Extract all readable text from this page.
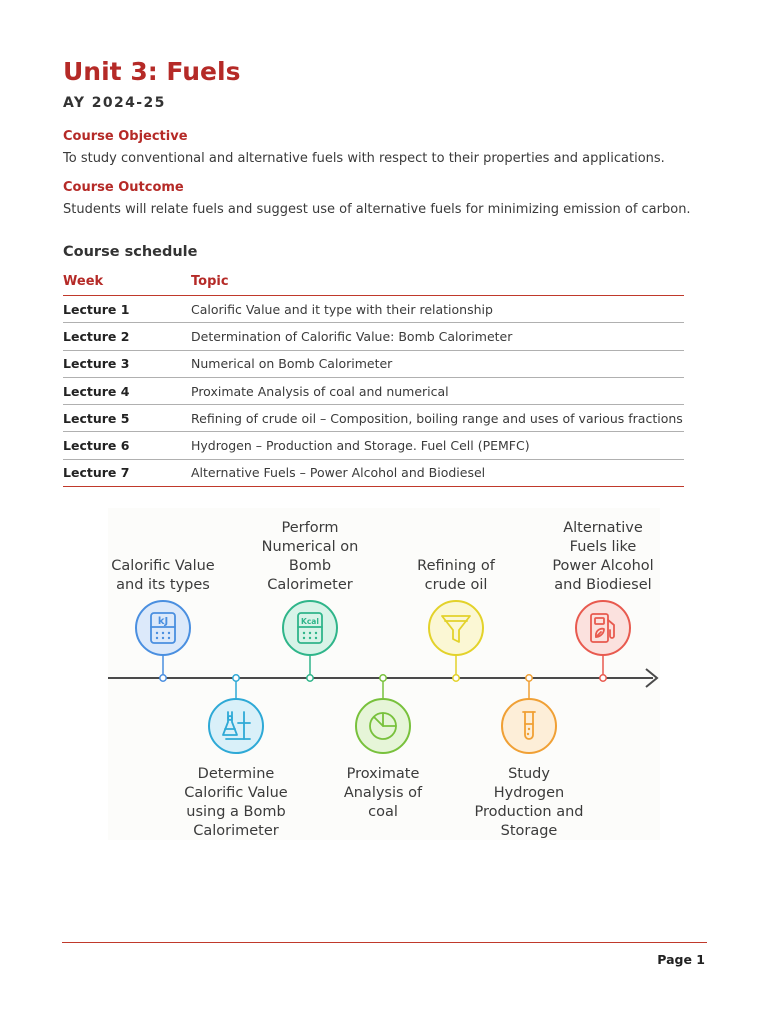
Unit 3: Fuels
AY 2024-25
Course Objective
To study conventional and alternative fuels with respect to their properties and applications.
Course Outcome
Students will relate fuels and suggest use of alternative fuels for minimizing emission of carbon.
Course schedule
Week	Topic
Lecture 1	Calorific Value and it type with their relationship
Lecture 2	Determination of Calorific Value: Bomb Calorimeter
Lecture 3	Numerical on Bomb Calorimeter
Lecture 4	Proximate Analysis of coal and numerical
Lecture 5	Refining of crude oil – Composition, boiling range and uses of various fractions
Lecture 6	Hydrogen – Production and Storage. Fuel Cell (PEMFC)
Lecture 7	Alternative Fuels – Power Alcohol and Biodiesel
kJ
Calorific Value and its types
Determine Calorific Value using a Bomb Calorimeter
Kcal
Perform Numerical on Bomb Calorimeter
Proximate Analysis of coal
Refining of crude oil
Study Hydrogen Production and Storage
Alternative Fuels like Power Alcohol and Biodiesel
Page 1
